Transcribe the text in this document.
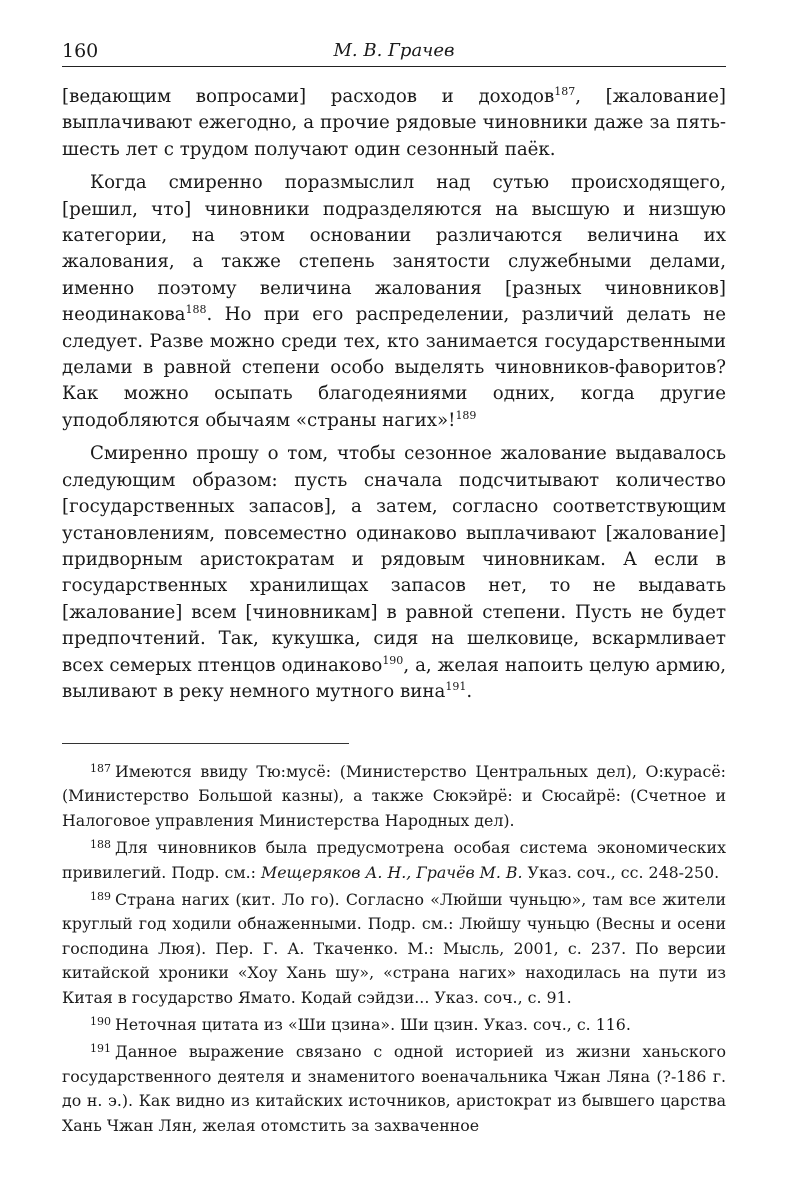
160	М. В. Грачев

[ведающим вопросами] расходов и доходов$^{187}$, [жалование] выплачивают ежегодно, а прочие рядовые чиновники даже за пять-шесть лет с трудом получают один сезонный паёк.

Когда смиренно поразмыслил над сутью происходящего, [решил, что] чиновники подразделяются на высшую и низшую категории, на этом основании различаются величина их жалования, а также степень занятости служебными делами, именно поэтому величина жалования [разных чиновников] неодинакова$^{188}$. Но при его распределении, различий делать не следует. Разве можно среди тех, кто занимается государственными делами в равной степени особо выделять чиновников-фаворитов? Как можно осыпать благодеяниями одних, когда другие уподобляются обычаям «страны нагих»!$^{189}$

Смиренно прошу о том, чтобы сезонное жалование выдавалось следующим образом: пусть сначала подсчитывают количество [государственных запасов], а затем, согласно соответствующим установлениям, повсеместно одинаково выплачивают [жалование] придворным аристократам и рядовым чиновникам. А если в государственных хранилищах запасов нет, то не выдавать [жалование] всем [чиновникам] в равной степени. Пусть не будет предпочтений. Так, кукушка, сидя на шелковице, вскармливает всех семерых птенцов одинаково$^{190}$, а, желая напоить целую армию, выливают в реку немного мутного вина$^{191}$.

$^{187}$ Имеются ввиду Тю:мусё: (Министерство Центральных дел), О:курасё: (Министерство Большой казны), а также Сюкэйрё: и Сюсайрё: (Счетное и Налоговое управления Министерства Народных дел).

$^{188}$ Для чиновников была предусмотрена особая система экономических привилегий. Подр. см.: Мещеряков А. Н., Грачёв М. В. Указ. соч., сс. 248-250.

$^{189}$ Страна нагих (кит. Ло го). Согласно «Люйши чуньцю», там все жители круглый год ходили обнаженными. Подр. см.: Люйшу чуньцю (Весны и осени господина Люя). Пер. Г. А. Ткаченко. М.: Мысль, 2001, с. 237. По версии китайской хроники «Хоу Хань шу», «страна нагих» находилась на пути из Китая в государство Ямато. Кодай сэйдзи... Указ. соч., с. 91.

$^{190}$ Неточная цитата из «Ши цзина». Ши цзин. Указ. соч., с. 116.

$^{191}$ Данное выражение связано с одной историей из жизни ханьского государственного деятеля и знаменитого военачальника Чжан Ляна (?-186 г. до н. э.). Как видно из китайских источников, аристократ из бывшего царства Хань Чжан Лян, желая отомстить за захваченное
